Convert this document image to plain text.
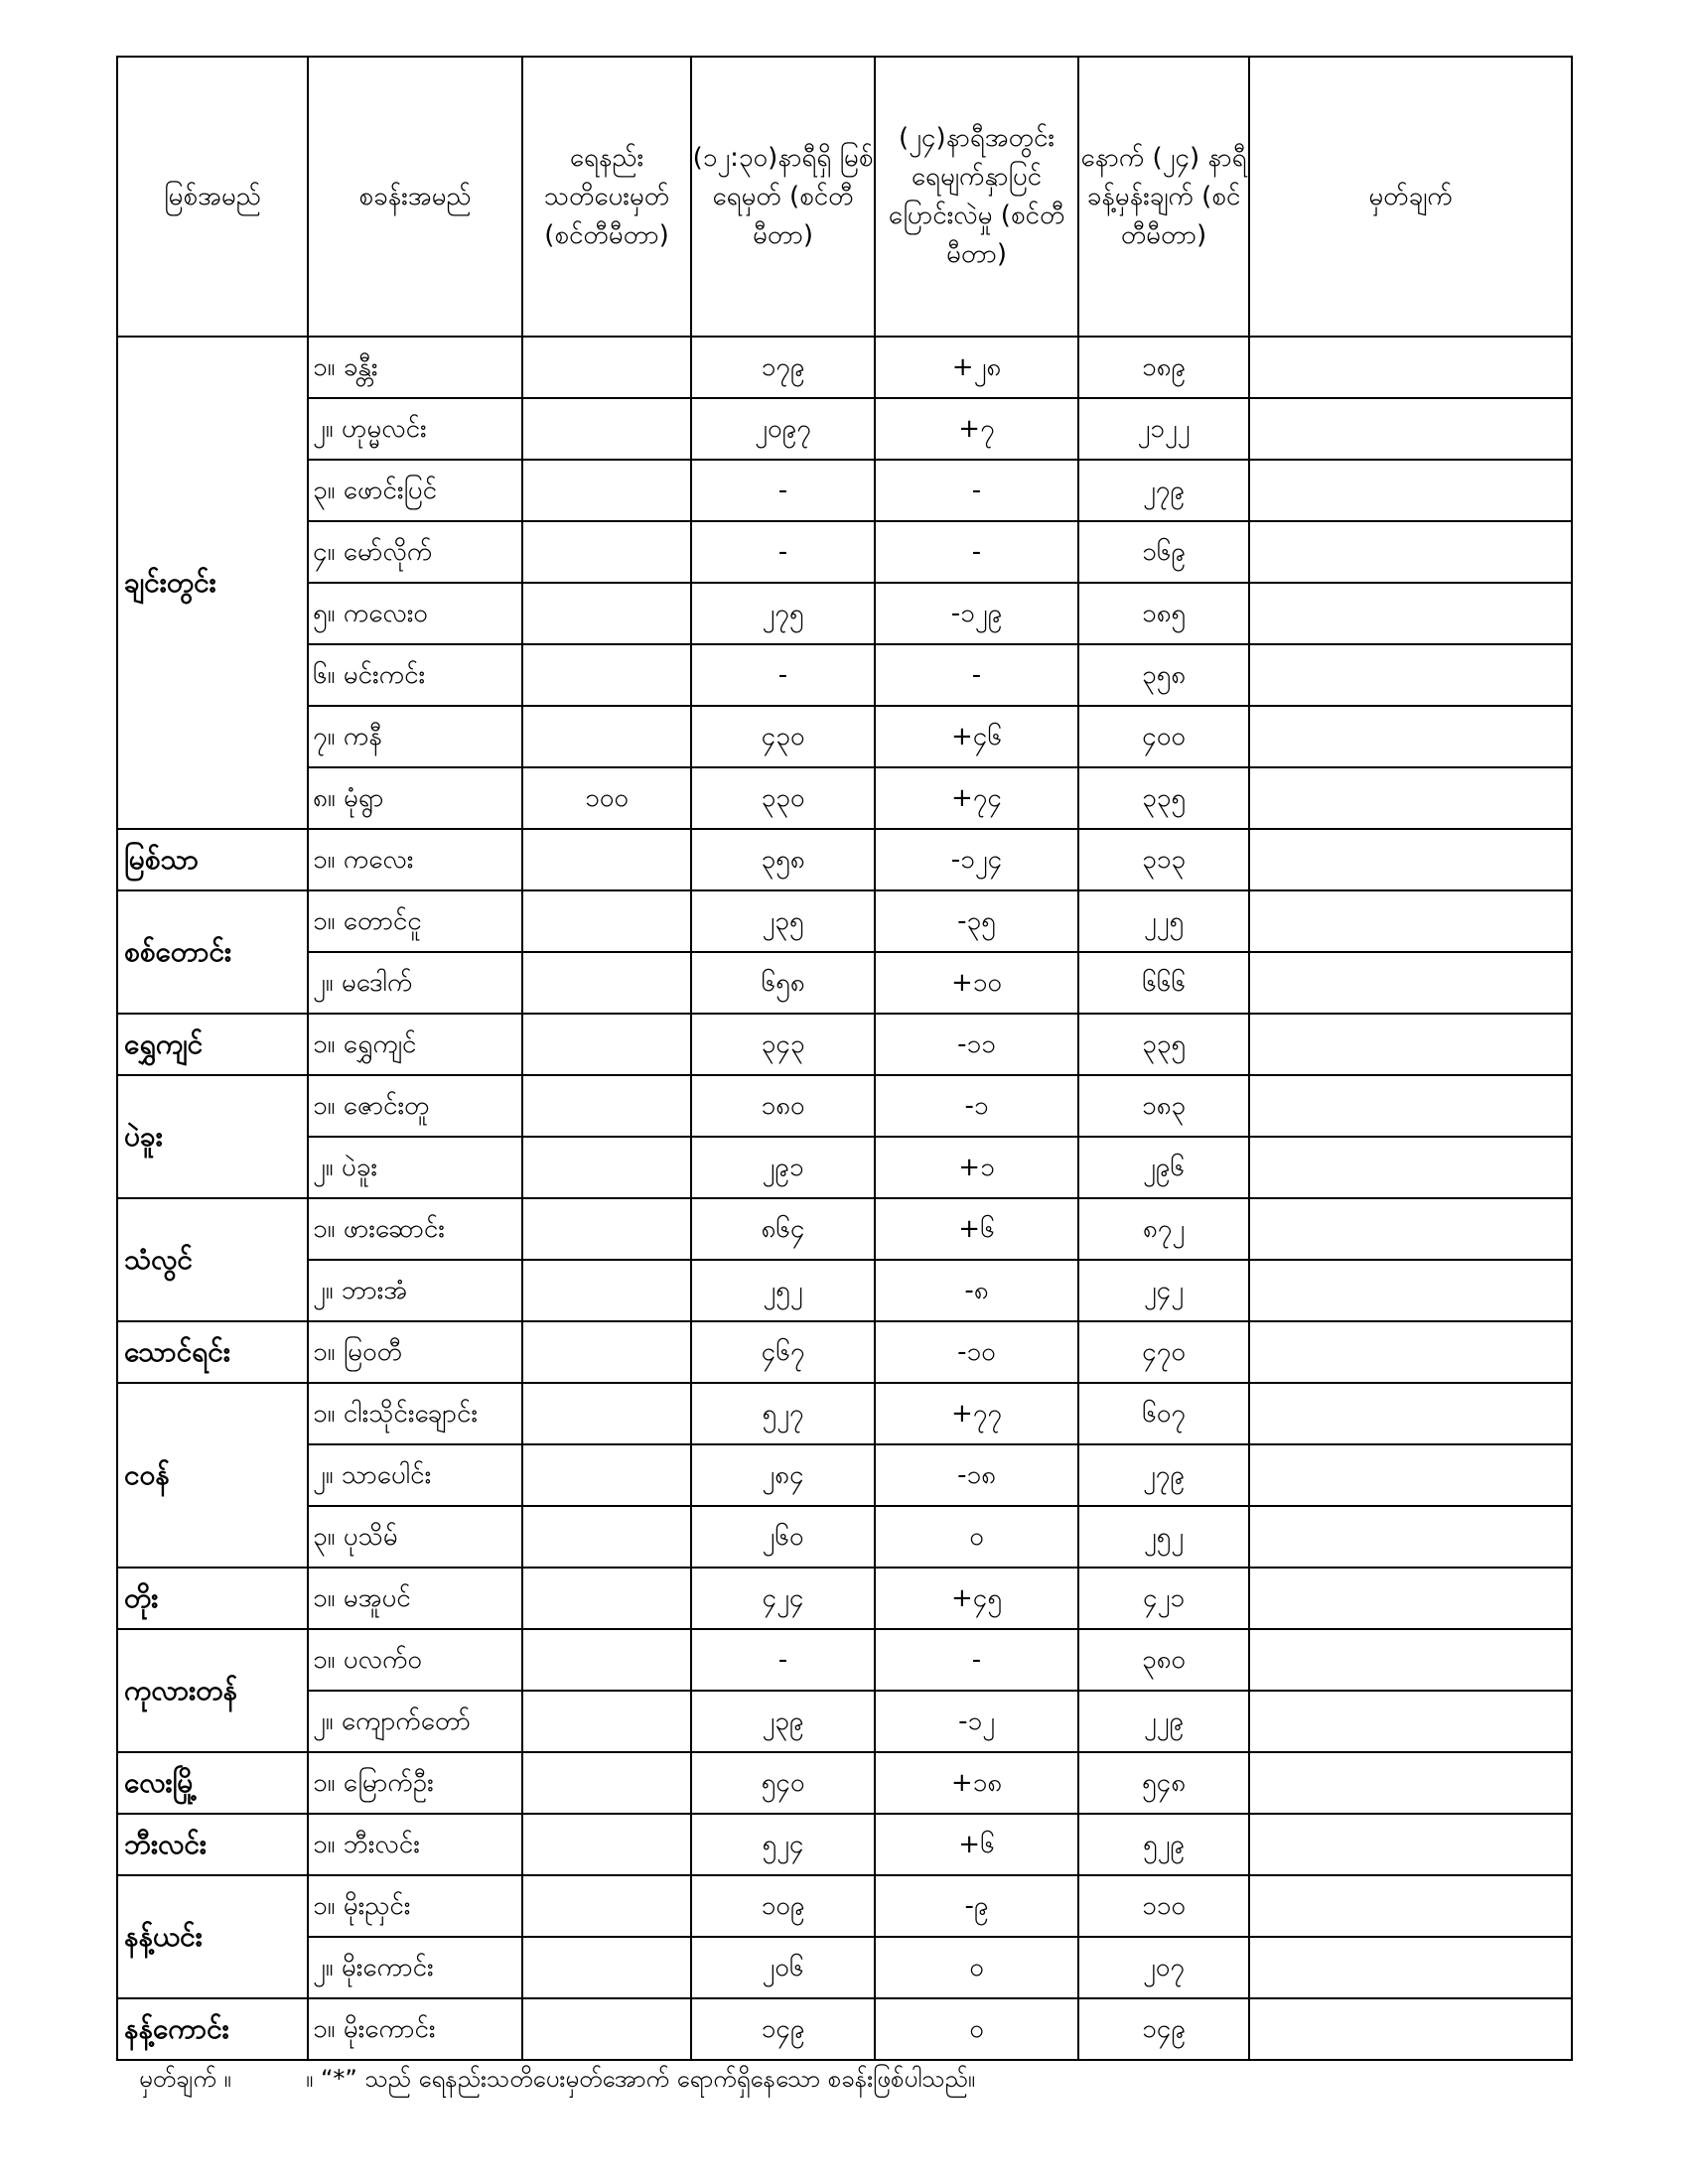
မြစ်အမည်	စခန်းအမည်	ရေနည်း သတိပေးမှတ် (စင်တီမီတာ)	(၁၂:၃၀)နာရီရှိ မြစ်ရေမှတ် (စင်တီမီတာ)	(၂၄)နာရီအတွင်း ရေမျက်နှာပြင် ပြောင်းလဲမှု (စင်တီမီတာ)	နောက် (၂၄) နာရီ ခန့်မှန်းချက် (စင်တီမီတာ)	မှတ်ချက်
ချင်းတွင်း	၁။ ခန္တီး		၁၇၉	+၂၈	၁၈၉	
	၂။ ဟုမ္မလင်း		၂၀၉၇	+၇	၂၁၂၂	
	၃။ ဖောင်းပြင်		-	-	၂၇၉	
	၄။ မော်လိုက်		-	-	၁၆၉	
	၅။ ကလေးဝ		၂၇၅	-၁၂၉	၁၈၅	
	၆။ မင်းကင်း		-	-	၃၅၈	
	၇။ ကနီ		၄၃၀	+၄၆	၄၀၀	
	၈။ မုံရွာ	၁၀၀	၃၃၀	+၇၄	၃၃၅	
မြစ်သာ	၁။ ကလေး		၃၅၈	-၁၂၄	၃၁၃	
စစ်တောင်း	၁။ တောင်ငူ		၂၃၅	-၃၅	၂၂၅	
	၂။ မဒေါက်		၆၅၈	+၁၀	၆၆၆	
ရွှေကျင်	၁။ ရွှေကျင်		၃၄၃	-၁၁	၃၃၅	
ပဲခူး	၁။ ဇောင်းတူ		၁၈၀	-၁	၁၈၃	
	၂။ ပဲခူး		၂၉၁	+၁	၂၉၆	
သံလွင်	၁။ ဖားဆောင်း		၈၆၄	+၆	၈၇၂	
	၂။ ဘားအံ		၂၅၂	-၈	၂၄၂	
သောင်ရင်း	၁။ မြဝတီ		၄၆၇	-၁၀	၄၇၀	
ငဝန်	၁။ ငါးသိုင်းချောင်း		၅၂၇	+၇၇	၆၀၇	
	၂။ သာပေါင်း		၂၈၄	-၁၈	၂၇၉	
	၃။ ပုသိမ်		၂၆၀	၀	၂၅၂	
တိုး	၁။ မအူပင်		၄၂၄	+၄၅	၄၂၁	
ကုလားတန်	၁။ ပလက်ဝ		-	-	၃၈၀	
	၂။ ကျောက်တော်		၂၃၉	-၁၂	၂၂၉	
လေးမြို့	၁။ မြောက်ဦး		၅၄၀	+၁၈	၅၄၈	
ဘီးလင်း	၁။ ဘီးလင်း		၅၂၄	+၆	၅၂၉	
နန့်ယင်း	၁။ မိုးညှင်း		၁၀၉	-၉	၁၁၀	
	၂။ မိုးကောင်း		၂၀၆	၀	၂၀၇	
နန့်ကောင်း	၁။ မိုးကောင်း		၁၄၉	၀	၁၄၉	
မှတ်ချက် ။	။ “*” သည် ရေနည်းသတိပေးမှတ်အောက် ရောက်ရှိနေသော စခန်းဖြစ်ပါသည်။
